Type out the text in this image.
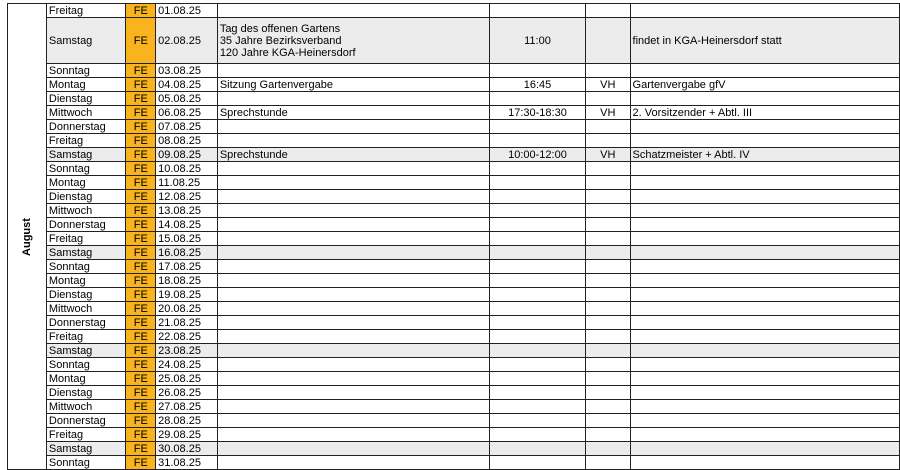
August	Freitag	FE	01.08.25				
	Samstag	FE	02.08.25	Tag des offenen Gartens
35 Jahre Bezirksverband
120 Jahre KGA-Heinersdorf	11:00		findet in KGA-Heinersdorf statt
	Sonntag	FE	03.08.25				
	Montag	FE	04.08.25	Sitzung Gartenvergabe	16:45	VH	Gartenvergabe gfV
	Dienstag	FE	05.08.25				
	Mittwoch	FE	06.08.25	Sprechstunde	17:30-18:30	VH	2. Vorsitzender + Abtl. III
	Donnerstag	FE	07.08.25				
	Freitag	FE	08.08.25				
	Samstag	FE	09.08.25	Sprechstunde	10:00-12:00	VH	Schatzmeister + Abtl. IV
	Sonntag	FE	10.08.25				
	Montag	FE	11.08.25				
	Dienstag	FE	12.08.25				
	Mittwoch	FE	13.08.25				
	Donnerstag	FE	14.08.25				
	Freitag	FE	15.08.25				
	Samstag	FE	16.08.25				
	Sonntag	FE	17.08.25				
	Montag	FE	18.08.25				
	Dienstag	FE	19.08.25				
	Mittwoch	FE	20.08.25				
	Donnerstag	FE	21.08.25				
	Freitag	FE	22.08.25				
	Samstag	FE	23.08.25				
	Sonntag	FE	24.08.25				
	Montag	FE	25.08.25				
	Dienstag	FE	26.08.25				
	Mittwoch	FE	27.08.25				
	Donnerstag	FE	28.08.25				
	Freitag	FE	29.08.25				
	Samstag	FE	30.08.25				
	Sonntag	FE	31.08.25				
